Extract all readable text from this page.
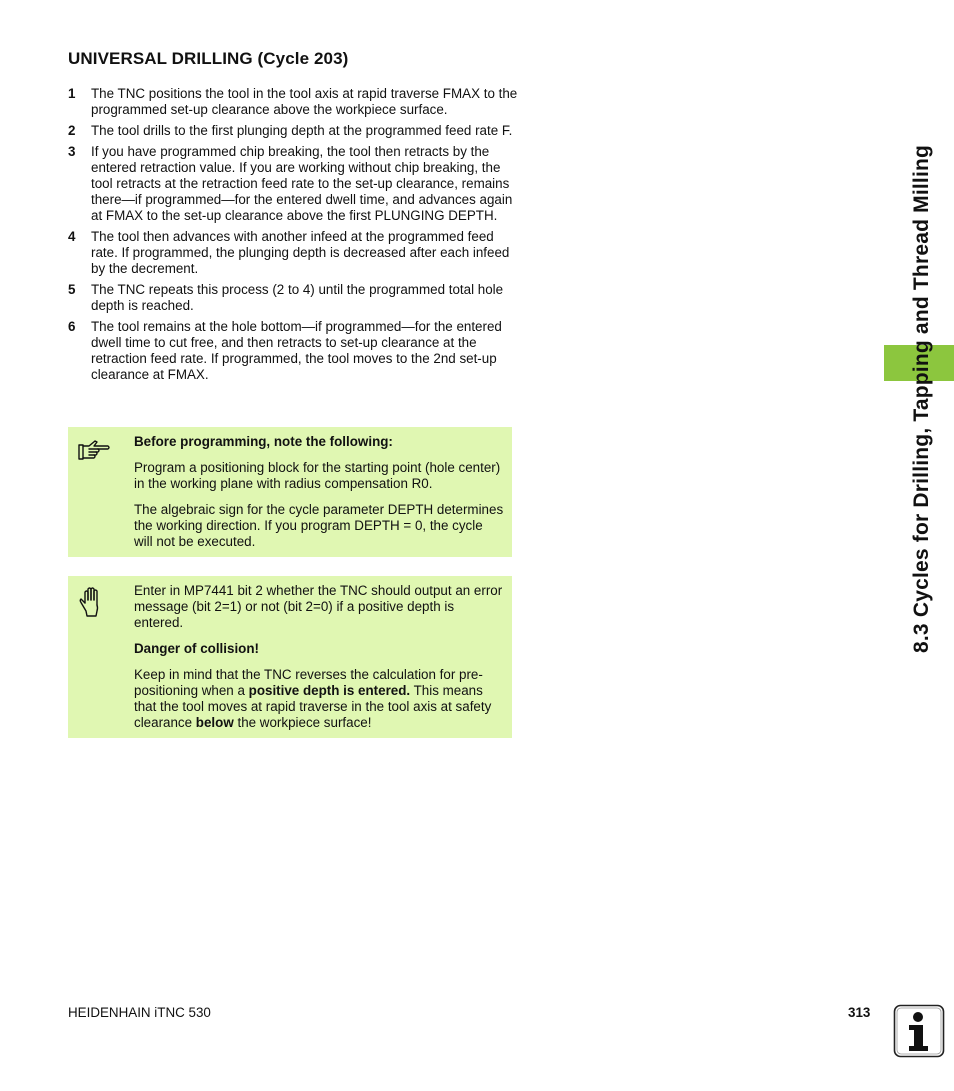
UNIVERSAL DRILLING (Cycle 203)
1 The TNC positions the tool in the tool axis at rapid traverse FMAX to the programmed set-up clearance above the workpiece surface.
2 The tool drills to the first plunging depth at the programmed feed rate F.
3 If you have programmed chip breaking, the tool then retracts by the entered retraction value. If you are working without chip breaking, the tool retracts at the retraction feed rate to the set-up clearance, remains there—if programmed—for the entered dwell time, and advances again at FMAX to the set-up clearance above the first PLUNGING DEPTH.
4 The tool then advances with another infeed at the programmed feed rate. If programmed, the plunging depth is decreased after each infeed by the decrement.
5 The TNC repeats this process (2 to 4) until the programmed total hole depth is reached.
6 The tool remains at the hole bottom—if programmed—for the entered dwell time to cut free, and then retracts to set-up clearance at the retraction feed rate. If programmed, the tool moves to the 2nd set-up clearance at FMAX.

Before programming, note the following:

Program a positioning block for the starting point (hole center) in the working plane with radius compensation R0.

The algebraic sign for the cycle parameter DEPTH determines the working direction. If you program DEPTH = 0, the cycle will not be executed.

Enter in MP7441 bit 2 whether the TNC should output an error message (bit 2=1) or not (bit 2=0) if a positive depth is entered.

Danger of collision!

Keep in mind that the TNC reverses the calculation for pre-positioning when a positive depth is entered. This means that the tool moves at rapid traverse in the tool axis at safety clearance below the workpiece surface!

8.3 Cycles for Drilling, Tapping and Thread Milling
HEIDENHAIN iTNC 530	313
